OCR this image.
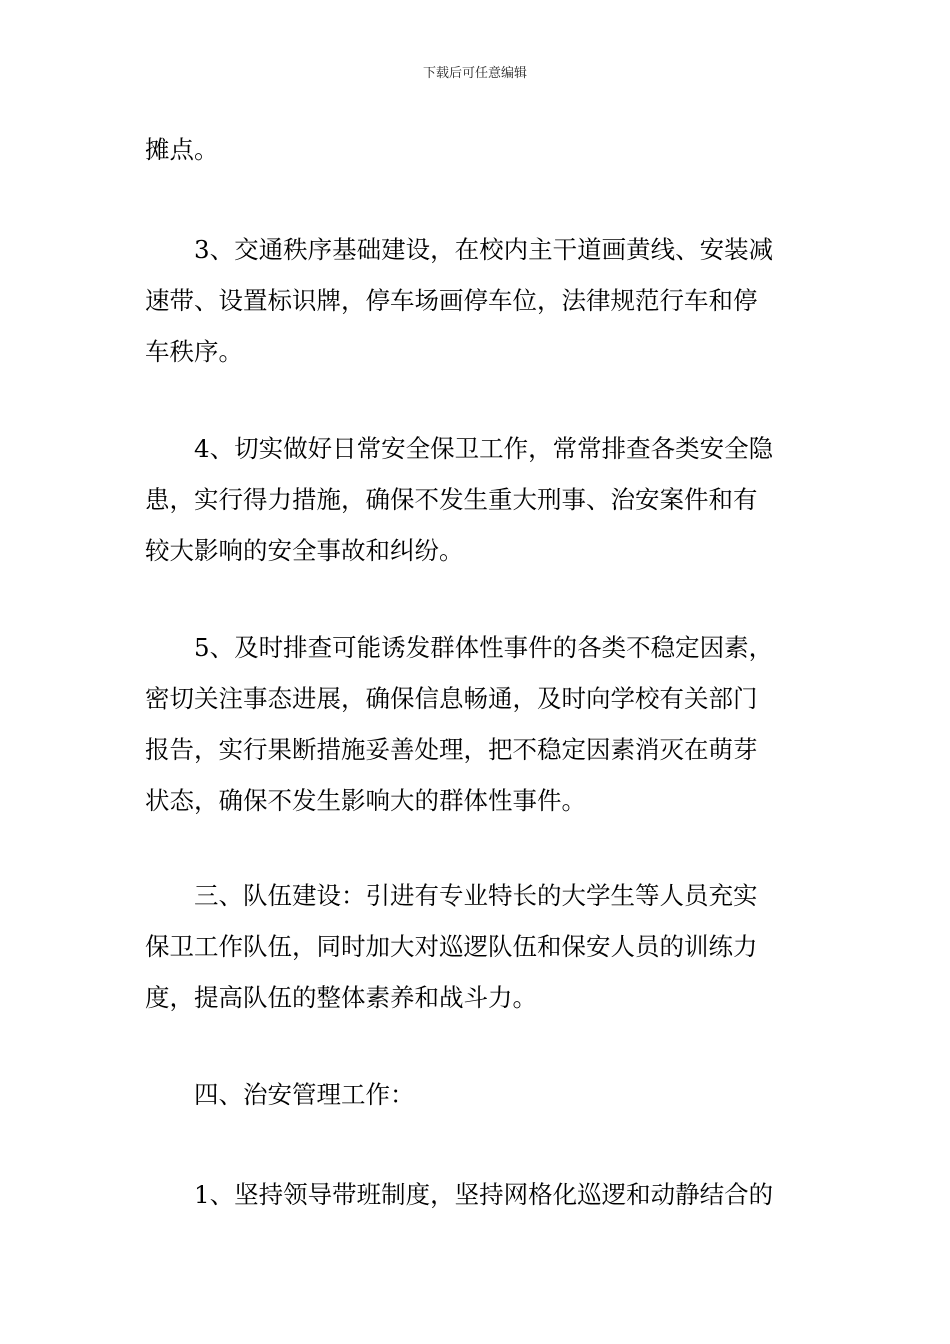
下载后可任意编辑

摊点。

3、交通秩序基础建设，在校内主干道画黄线、安装减
速带、设置标识牌，停车场画停车位，法律规范行车和停
车秩序。

4、切实做好日常安全保卫工作，常常排查各类安全隐
患，实行得力措施，确保不发生重大刑事、治安案件和有
较大影响的安全事故和纠纷。

5、及时排查可能诱发群体性事件的各类不稳定因素，
密切关注事态进展，确保信息畅通，及时向学校有关部门
报告，实行果断措施妥善处理，把不稳定因素消灭在萌芽
状态，确保不发生影响大的群体性事件。

三、队伍建设：引进有专业特长的大学生等人员充实
保卫工作队伍，同时加大对巡逻队伍和保安人员的训练力
度，提高队伍的整体素养和战斗力。

四、治安管理工作：

1、坚持领导带班制度，坚持网格化巡逻和动静结合的
